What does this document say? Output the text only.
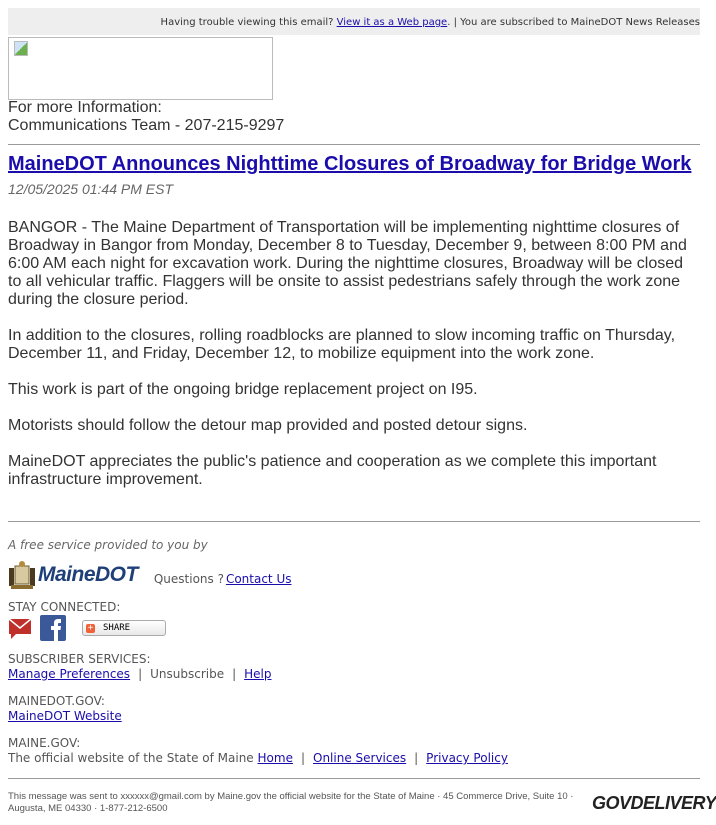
Having trouble viewing this email? View it as a Web page. | You are subscribed to MaineDOT News Releases
For more Information:
Communications Team - 207-215-9297
MaineDOT Announces Nighttime Closures of Broadway for Bridge Work
12/05/2025 01:44 PM EST

BANGOR - The Maine Department of Transportation will be implementing nighttime closures of Broadway in Bangor from Monday, December 8 to Tuesday, December 9, between 8:00 PM and 6:00 AM each night for excavation work. During the nighttime closures, Broadway will be closed to all vehicular traffic. Flaggers will be onsite to assist pedestrians safely through the work zone during the closure period.

In addition to the closures, rolling roadblocks are planned to slow incoming traffic on Thursday, December 11, and Friday, December 12, to mobilize equipment into the work zone.

This work is part of the ongoing bridge replacement project on I95.

Motorists should follow the detour map provided and posted detour signs.

MaineDOT appreciates the public's patience and cooperation as we complete this important infrastructure improvement.

A free service provided to you by
MaineDOT Questions ? Contact Us
STAY CONNECTED:
+ SHARE
SUBSCRIBER SERVICES:
Manage Preferences | Unsubscribe | Help
MAINEDOT.GOV:
MaineDOT Website
MAINE.GOV:
The official website of the State of Maine Home | Online Services | Privacy Policy
This message was sent to xxxxxx@gmail.com by Maine.gov the official website for the State of Maine · 45 Commerce Drive, Suite 10 · Augusta, ME 04330 · 1-877-212-6500	GOVDELIVERY
